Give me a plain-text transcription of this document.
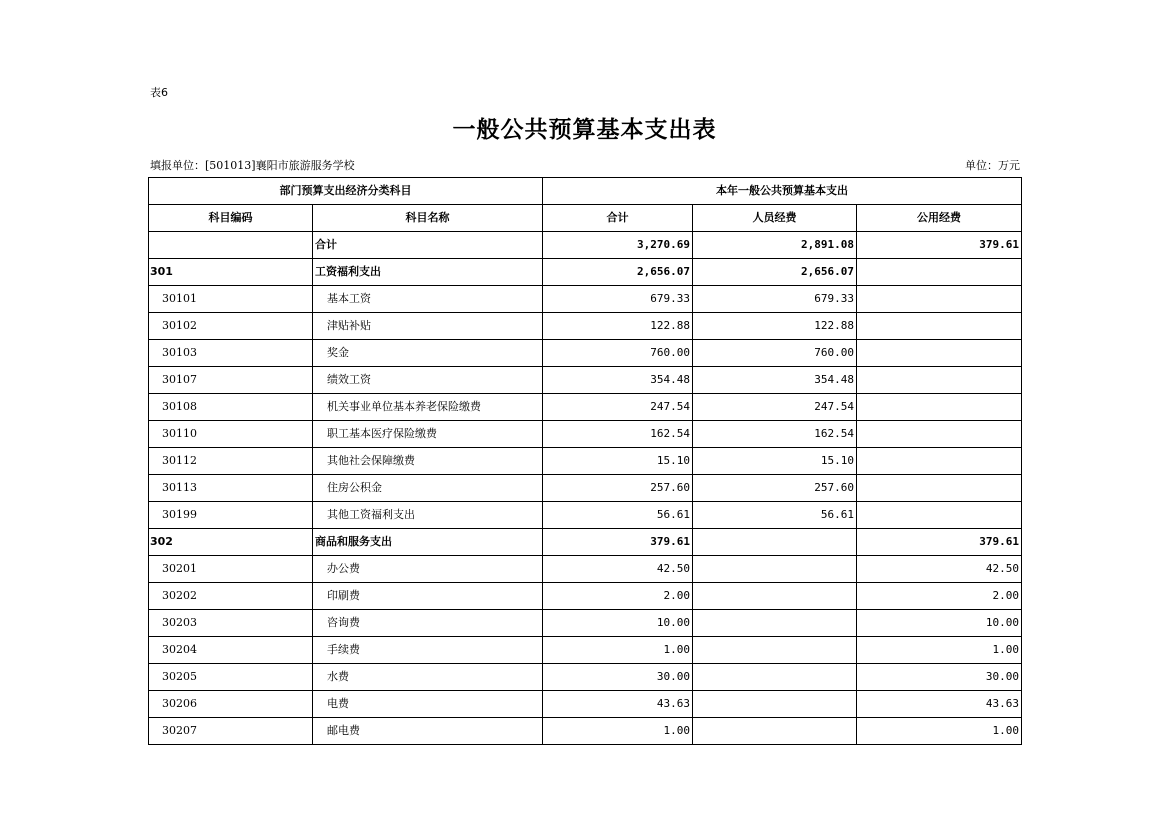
表6
一般公共预算基本支出表
填报单位：[501013]襄阳市旅游服务学校	单位：万元
部门预算支出经济分类科目		本年一般公共预算基本支出		
科目编码	科目名称	合计	人员经费	公用经费
	合计	3,270.69	2,891.08	379.61
301	工资福利支出	2,656.07	2,656.07	
30101	基本工资	679.33	679.33	
30102	津贴补贴	122.88	122.88	
30103	奖金	760.00	760.00	
30107	绩效工资	354.48	354.48	
30108	机关事业单位基本养老保险缴费	247.54	247.54	
30110	职工基本医疗保险缴费	162.54	162.54	
30112	其他社会保障缴费	15.10	15.10	
30113	住房公积金	257.60	257.60	
30199	其他工资福利支出	56.61	56.61	
302	商品和服务支出	379.61		379.61
30201	办公费	42.50		42.50
30202	印刷费	2.00		2.00
30203	咨询费	10.00		10.00
30204	手续费	1.00		1.00
30205	水费	30.00		30.00
30206	电费	43.63		43.63
30207	邮电费	1.00		1.00
